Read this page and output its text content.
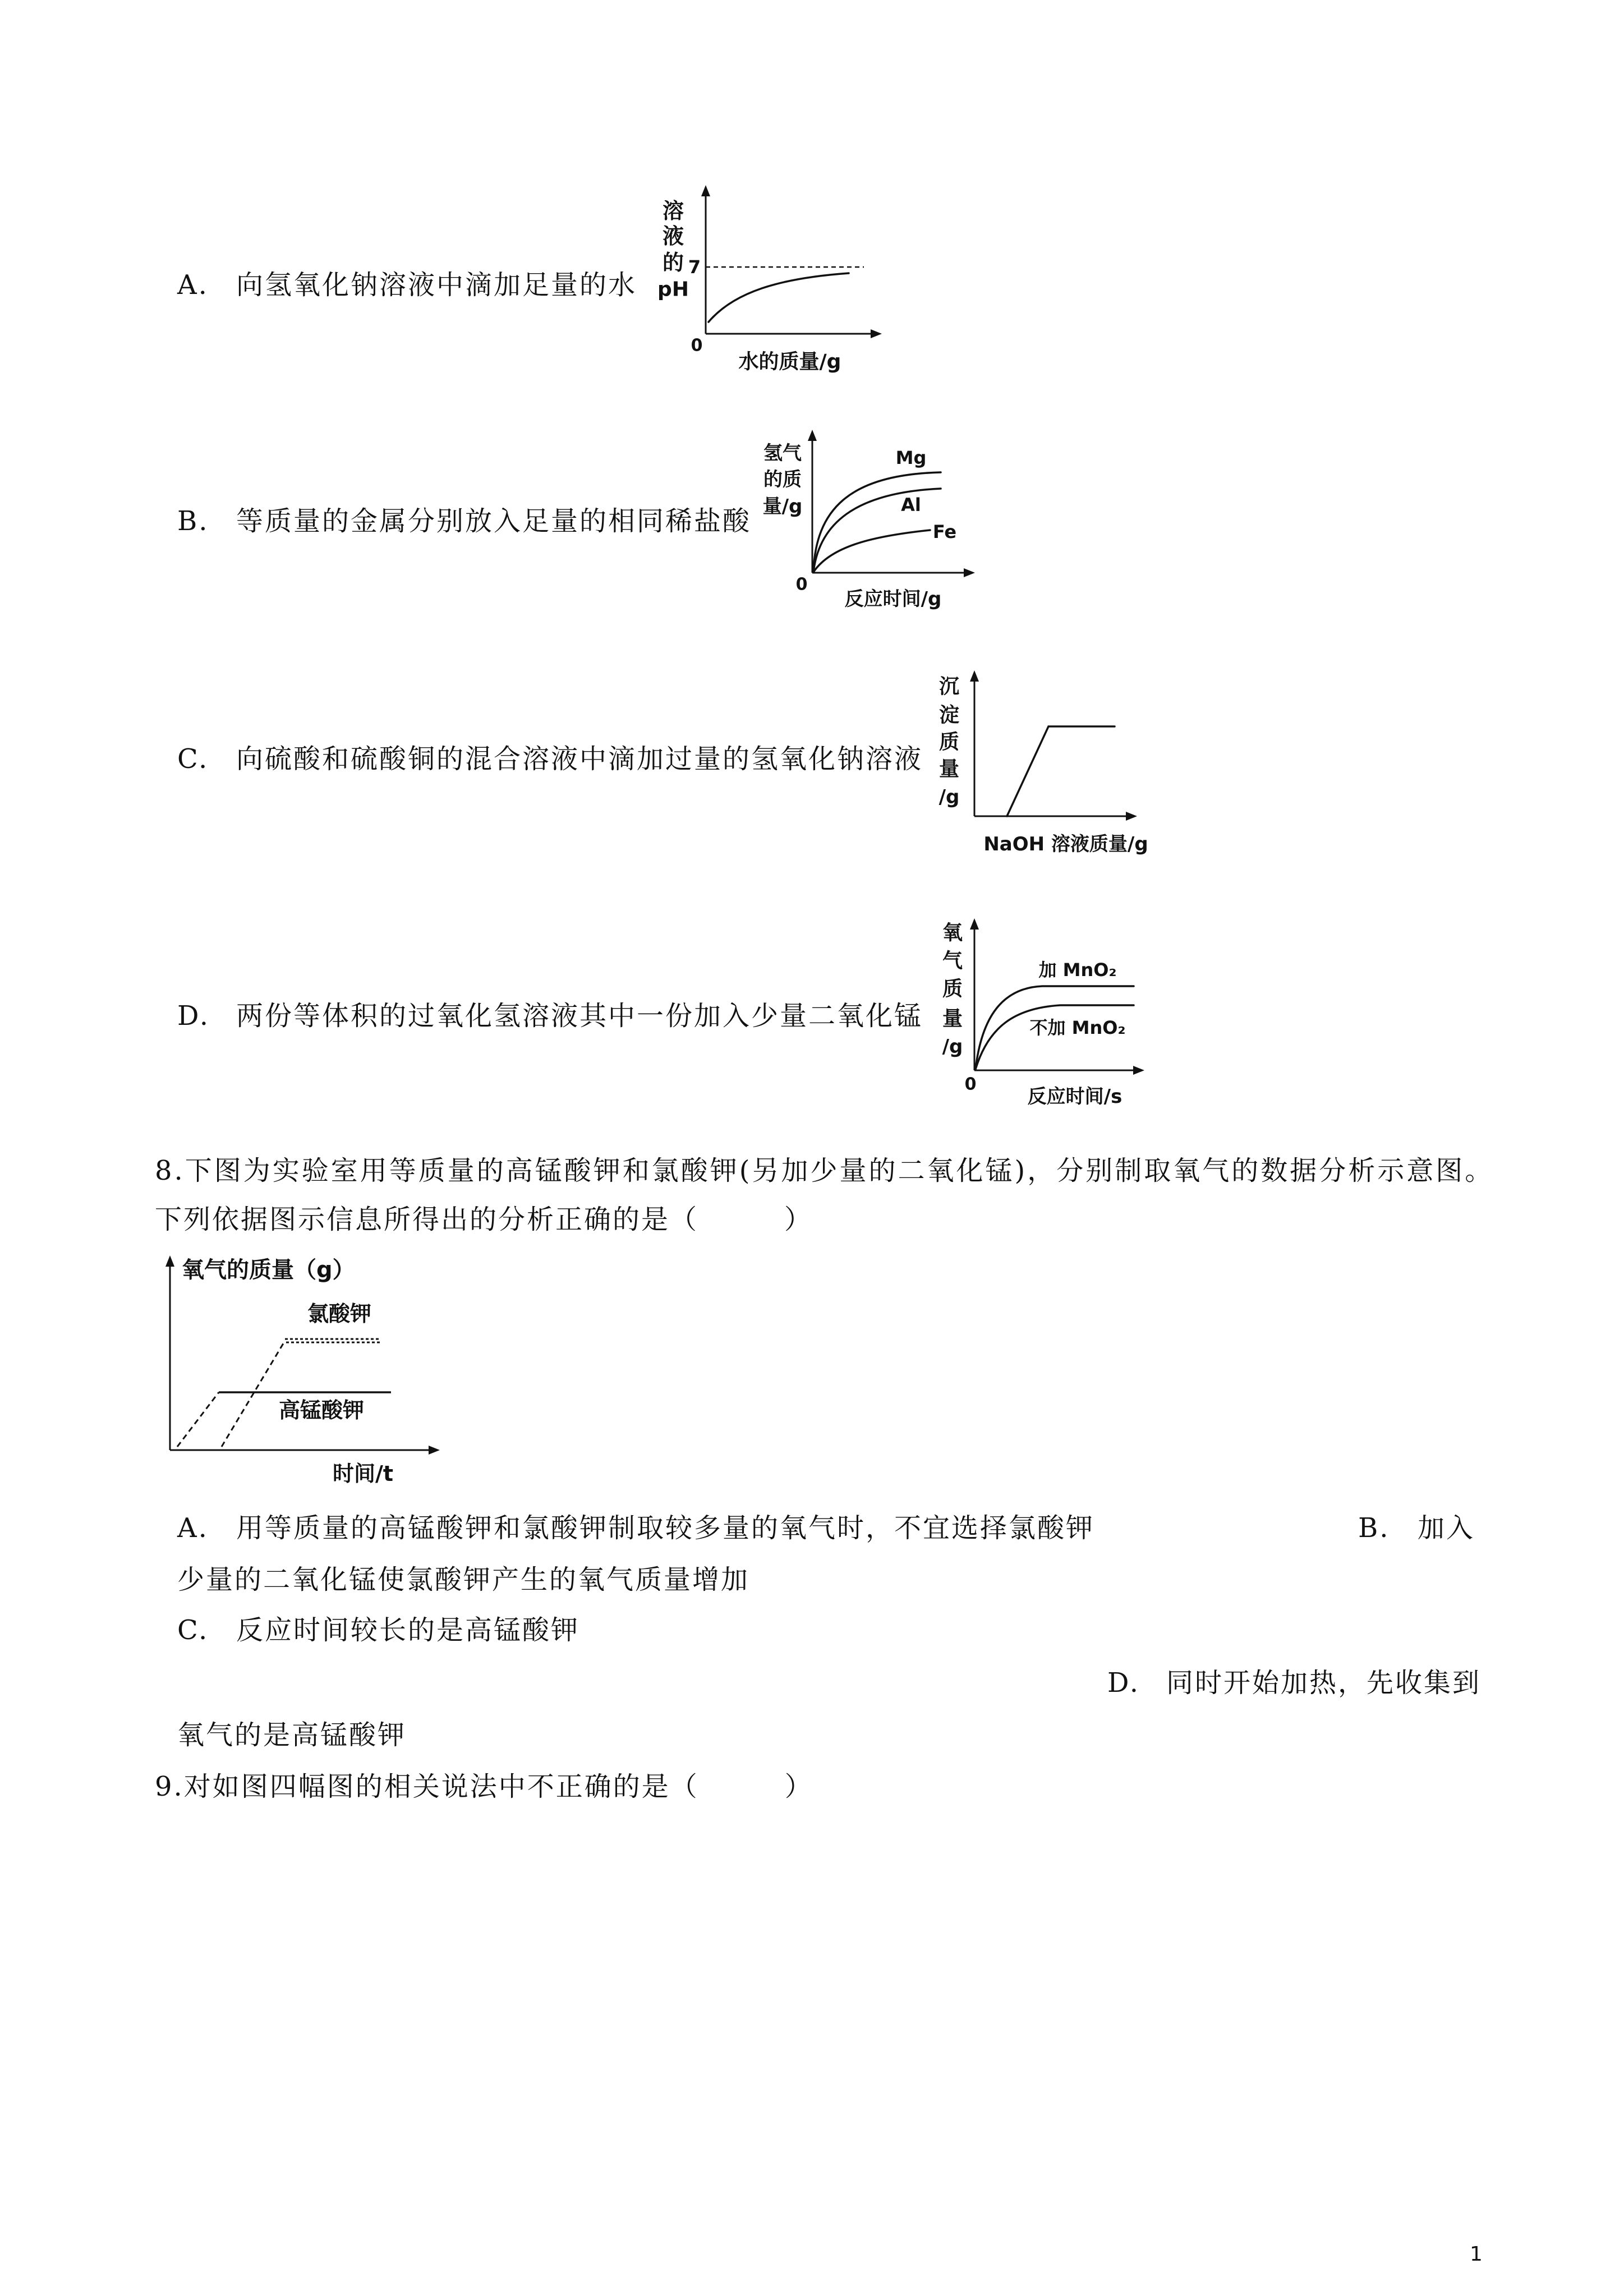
A. 向氢氧化钠溶液中滴加足量的水
溶
液
的
pH
7
0
水的质量/g
B. 等质量的金属分别放入足量的相同稀盐酸
氢气
的质
量/g
Mg
Al
Fe
0
反应时间/g
C. 向硫酸和硫酸铜的混合溶液中滴加过量的氢氧化钠溶液
沉
淀
质
量
/g
NaOH 溶液质量/g
D. 两份等体积的过氧化氢溶液其中一份加入少量二氧化锰
氧
气
质
量
/g
加 MnO₂
不加 MnO₂
0
反应时间/s
8.下图为实验室用等质量的高锰酸钾和氯酸钾(另加少量的二氧化锰)，分别制取氧气的数据分析示意图。
下列依据图示信息所得出的分析正确的是（　　　）
氧气的质量（g）
氯酸钾
高锰酸钾
时间/t
A. 用等质量的高锰酸钾和氯酸钾制取较多量的氧气时，不宜选择氯酸钾	B. 加入
少量的二氧化锰使氯酸钾产生的氧气质量增加
C. 反应时间较长的是高锰酸钾
D. 同时开始加热，先收集到
氧气的是高锰酸钾
9.对如图四幅图的相关说法中不正确的是（　　　）
1
